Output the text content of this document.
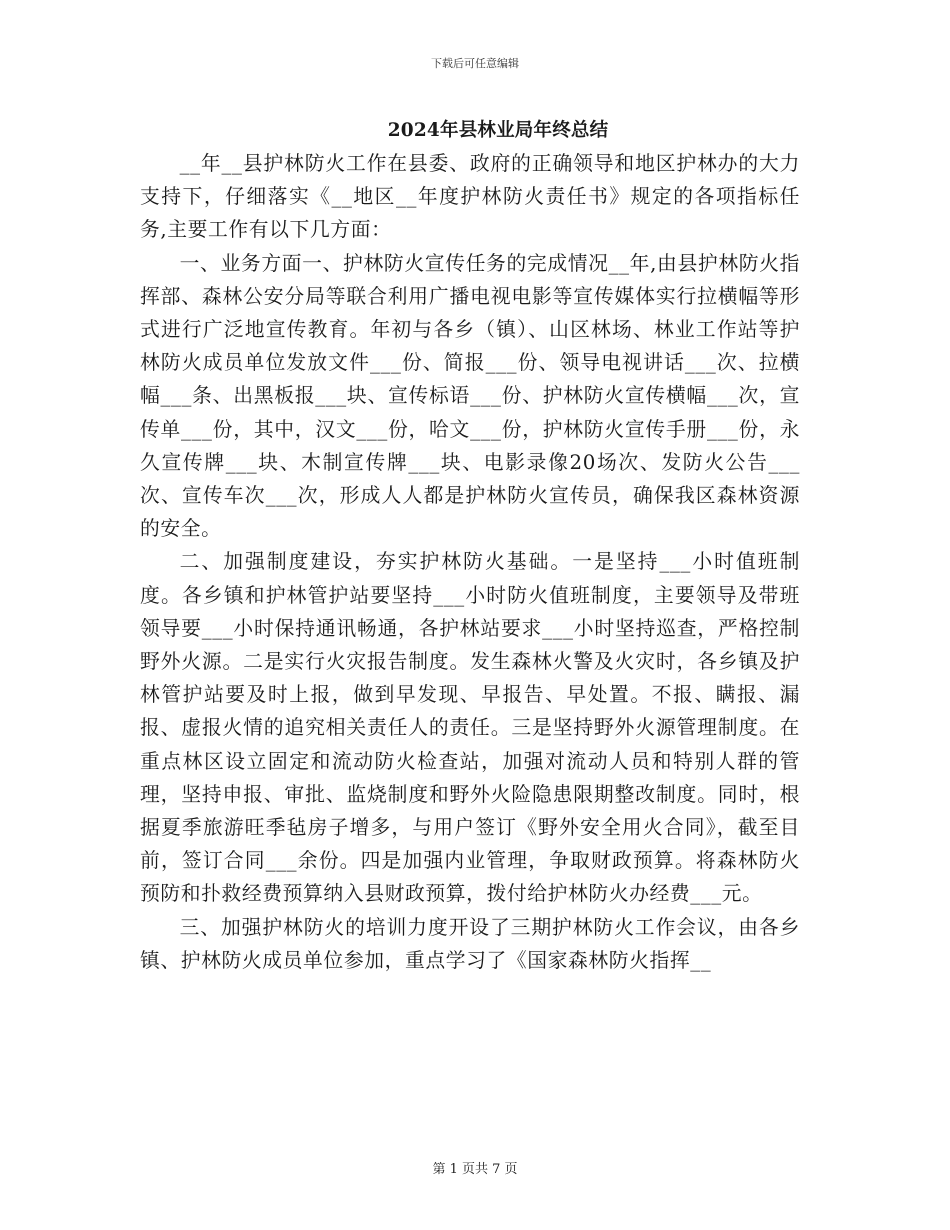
下载后可任意编辑
2024年县林业局年终总结

__年__县护林防火工作在县委、政府的正确领导和地区护林办的大力支持下，仔细落实《__地区__年度护林防火责任书》规定的各项指标任务,主要工作有以下几方面：

一、业务方面一、护林防火宣传任务的完成情况__年,由县护林防火指挥部、森林公安分局等联合利用广播电视电影等宣传媒体实行拉横幅等形式进行广泛地宣传教育。年初与各乡（镇）、山区林场、林业工作站等护林防火成员单位发放文件___份、简报___份、领导电视讲话___次、拉横幅___条、出黑板报___块、宣传标语___份、护林防火宣传横幅___次，宣传单___份，其中，汉文___份，哈文___份，护林防火宣传手册___份，永久宣传牌___块、木制宣传牌___块、电影录像20场次、发防火公告___次、宣传车次___次，形成人人都是护林防火宣传员，确保我区森林资源的安全。

二、加强制度建设，夯实护林防火基础。一是坚持___小时值班制度。各乡镇和护林管护站要坚持___小时防火值班制度，主要领导及带班领导要___小时保持通讯畅通，各护林站要求___小时坚持巡查，严格控制野外火源。二是实行火灾报告制度。发生森林火警及火灾时，各乡镇及护林管护站要及时上报，做到早发现、早报告、早处置。不报、瞒报、漏报、虚报火情的追究相关责任人的责任。三是坚持野外火源管理制度。在重点林区设立固定和流动防火检查站，加强对流动人员和特别人群的管理，坚持申报、审批、监烧制度和野外火险隐患限期整改制度。同时，根据夏季旅游旺季毡房子增多，与用户签订《野外安全用火合同》，截至目前，签订合同___余份。四是加强内业管理，争取财政预算。将森林防火预防和扑救经费预算纳入县财政预算，拨付给护林防火办经费___元。

三、加强护林防火的培训力度开设了三期护林防火工作会议，由各乡镇、护林防火成员单位参加，重点学习了《国家森林防火指挥__

第 1 页共 7 页
